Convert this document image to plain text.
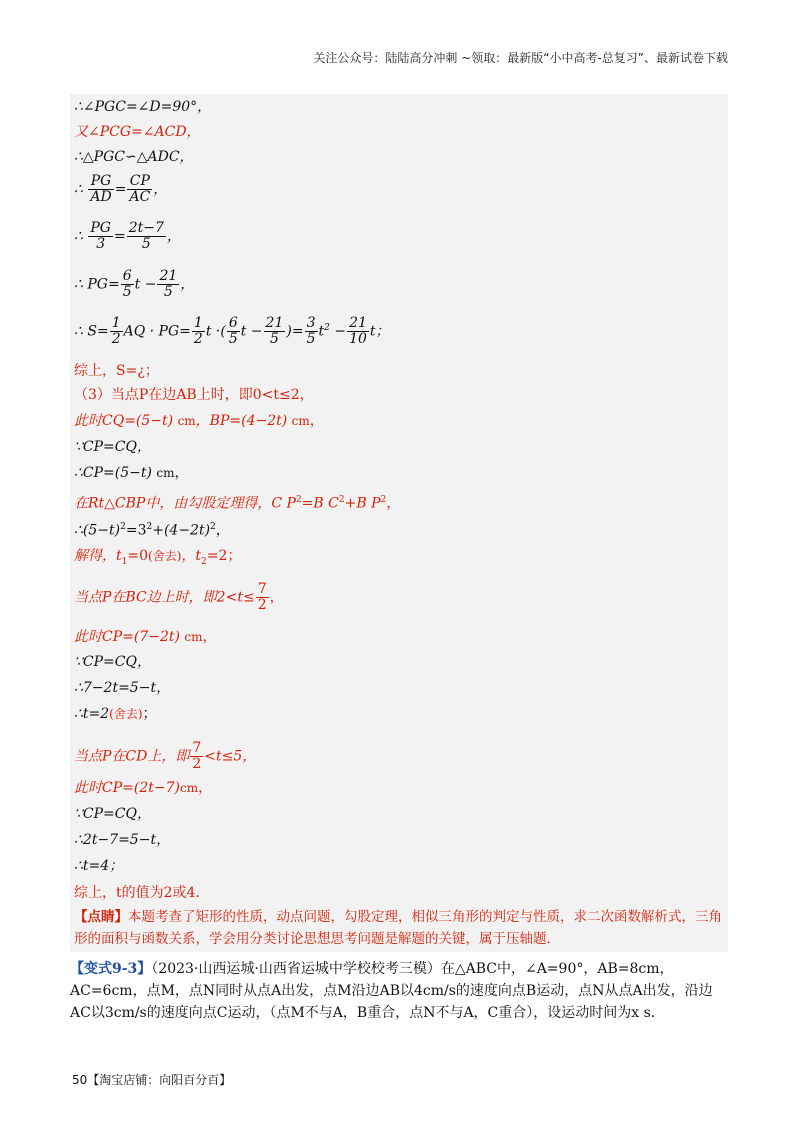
关注公众号：陆陆高分冲刺 ~领取：最新版“小中高考-总复习”、最新试卷下载
∴∠PGC=∠D=90°，
又∠PCG=∠ACD，
∴△PGC∽△ADC，
∴ $\frac{PG}{AD} = \frac{CP}{AC}$ ，
∴ $\frac{PG}{3} = \frac{2t-7}{5}$ ，
∴ $PG= \frac{6}{5}$ $t - \frac{21}{5}$ ，
∴ $S= \frac{1}{2}$ AQ · $PG= \frac{1}{2}$ t ·( $\frac{6}{5}$ $t - \frac{21}{5}$ )= $\frac{3}{5} t^2 - \frac{21}{10}$ t；
综上，S=¿；
（3）当点P在边AB上时，即0<t≤2，
此时CQ=(5−t) cm，BP=(4−2t) cm，
∵CP=CQ，
∴CP=(5−t) cm，
在Rt△CBP中，由勾股定理得，C $P^2=B$ $C^2+B$ $P^2$，
$\therefore(5-t)^2=3^2+(4-2t)^2$，
解得，$t_1=0$(舍去)，$t_2=2$；
当点P在BC边上时，即$2<t\le \frac{7}{2}$ ，
此时CP=(7−2t) cm，
∵CP=CQ，
∴7−2t=5−t，
∴t=2(舍去)；
当点P在CD上，即 $\frac{7}{2} <t\le 5$，
此时CP=(2t−7)cm，
∵CP=CQ，
∴2t−7=5−t，
∴t=4；
综上，t的值为2或4．
【点睛】本题考查了矩形的性质，动点问题，勾股定理，相似三角形的判定与性质，求二次函数解析式，三角形的面积与函数关系，学会用分类讨论思想思考问题是解题的关键，属于压轴题．
【变式9-3】（2023·山西运城·山西省运城中学校校考三模）在△ABC中，∠A=90°，AB=8cm，AC=6cm，点M，点N同时从点A出发，点M沿边AB以4cm/s的速度向点B运动，点N从点A出发，沿边AC以3cm/s的速度向点C运动，（点M不与A，B重合，点N不与A，C重合），设运动时间为x s．
50【淘宝店铺：向阳百分百】
